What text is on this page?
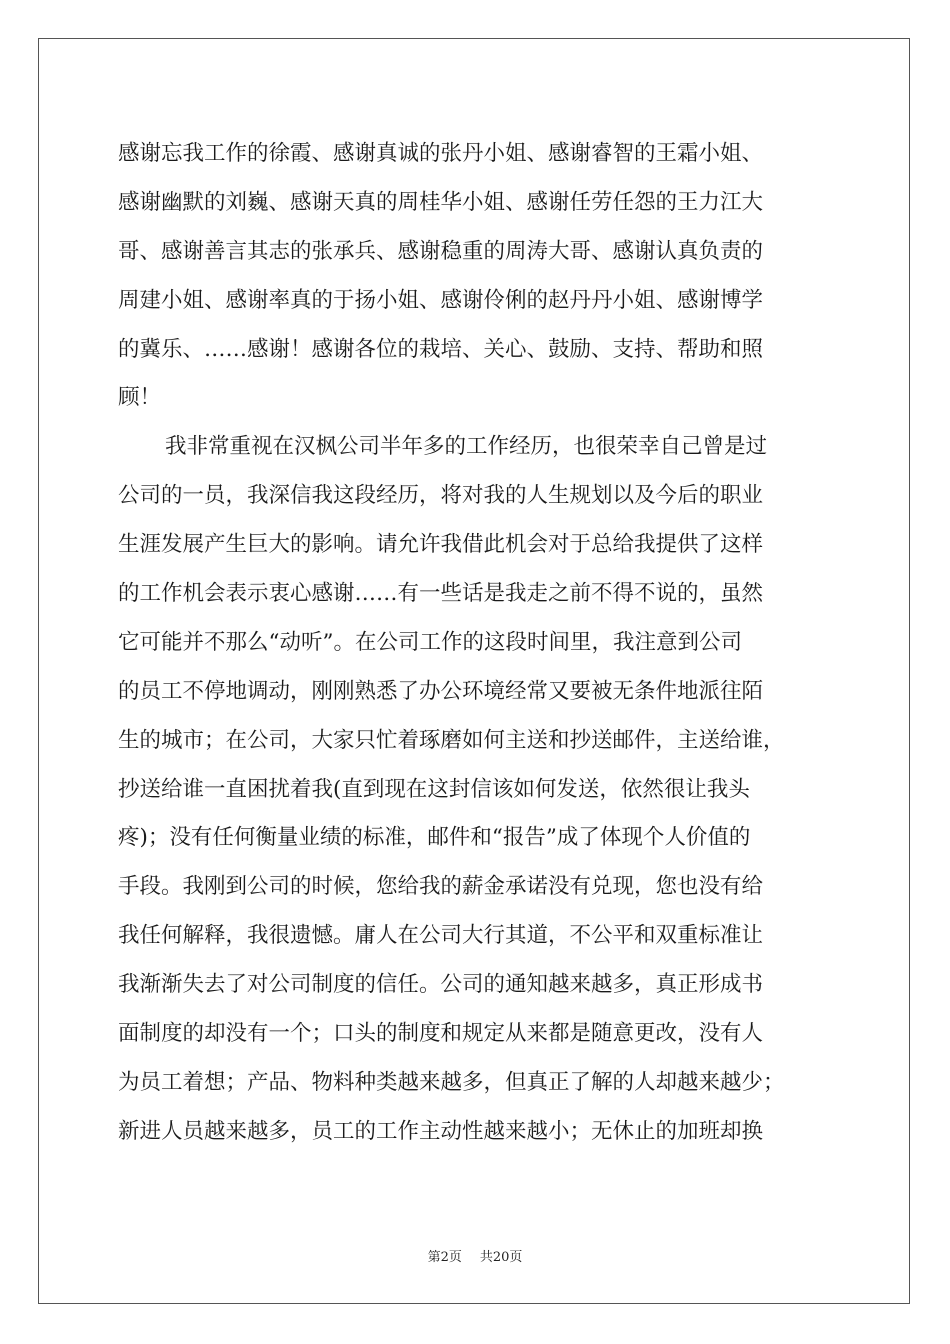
感谢忘我工作的徐霞、感谢真诚的张丹小姐、感谢睿智的王霜小姐、
感谢幽默的刘巍、感谢天真的周桂华小姐、感谢任劳任怨的王力江大
哥、感谢善言其志的张承兵、感谢稳重的周涛大哥、感谢认真负责的
周建小姐、感谢率真的于扬小姐、感谢伶俐的赵丹丹小姐、感谢博学
的冀乐、……感谢！感谢各位的栽培、关心、鼓励、支持、帮助和照
顾！
我非常重视在汉枫公司半年多的工作经历，也很荣幸自己曾是过
公司的一员，我深信我这段经历，将对我的人生规划以及今后的职业
生涯发展产生巨大的影响。请允许我借此机会对于总给我提供了这样
的工作机会表示衷心感谢……有一些话是我走之前不得不说的，虽然
它可能并不那么“动听”。在公司工作的这段时间里，我注意到公司
的员工不停地调动，刚刚熟悉了办公环境经常又要被无条件地派往陌
生的城市；在公司，大家只忙着琢磨如何主送和抄送邮件，主送给谁，
抄送给谁一直困扰着我(直到现在这封信该如何发送，依然很让我头
疼)；没有任何衡量业绩的标准，邮件和“报告”成了体现个人价值的
手段。我刚到公司的时候，您给我的薪金承诺没有兑现，您也没有给
我任何解释，我很遗憾。庸人在公司大行其道，不公平和双重标准让
我渐渐失去了对公司制度的信任。公司的通知越来越多，真正形成书
面制度的却没有一个；口头的制度和规定从来都是随意更改，没有人
为员工着想；产品、物料种类越来越多，但真正了解的人却越来越少；
新进人员越来越多，员工的工作主动性越来越小；无休止的加班却换
第2页 共20页
